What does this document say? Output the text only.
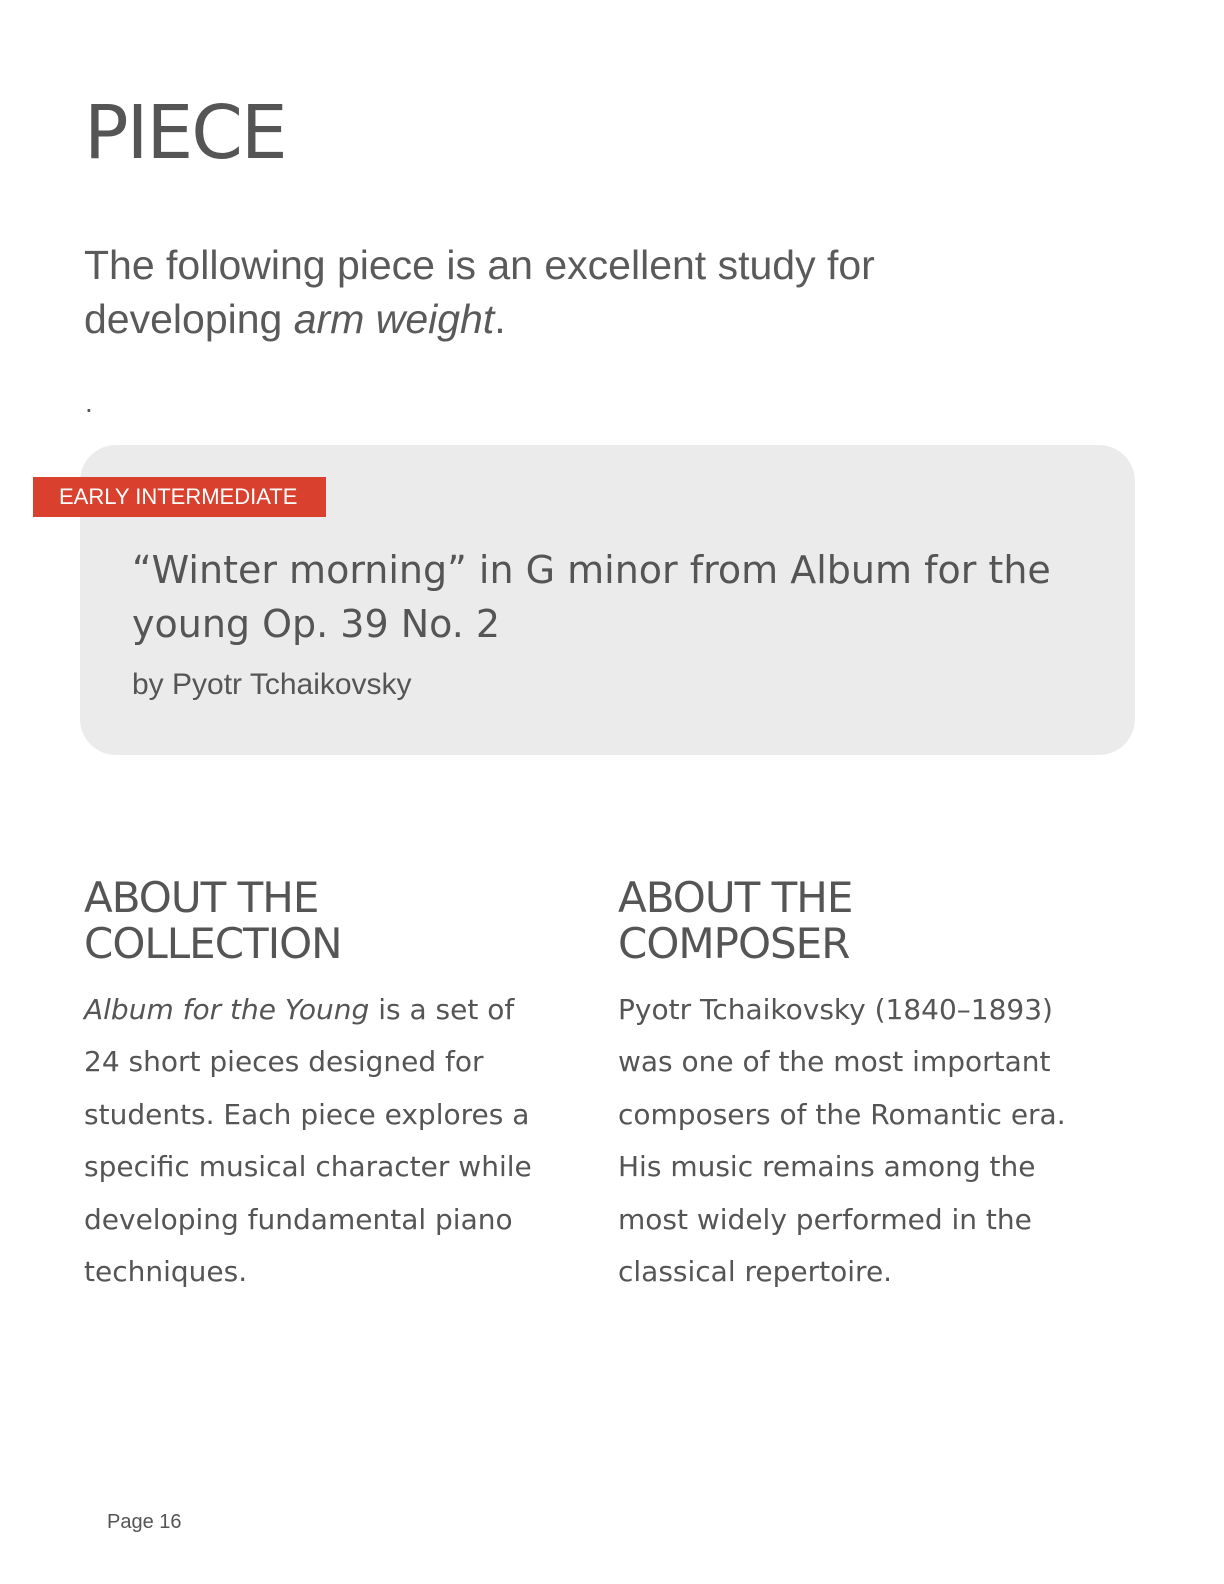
PIECE

The following piece is an excellent study for developing arm weight.

.
EARLY INTERMEDIATE
“Winter morning” in G minor from Album for the young Op. 39 No. 2

by Pyotr Tchaikovsky

ABOUT THE
COLLECTION

Album for the Young is a set of 24 short pieces designed for students. Each piece explores a specific musical character while developing fundamental piano techniques.

ABOUT THE
COMPOSER

Pyotr Tchaikovsky (1840–1893) was one of the most important composers of the Romantic era. His music remains among the most widely performed in the classical repertoire.

Page 16
